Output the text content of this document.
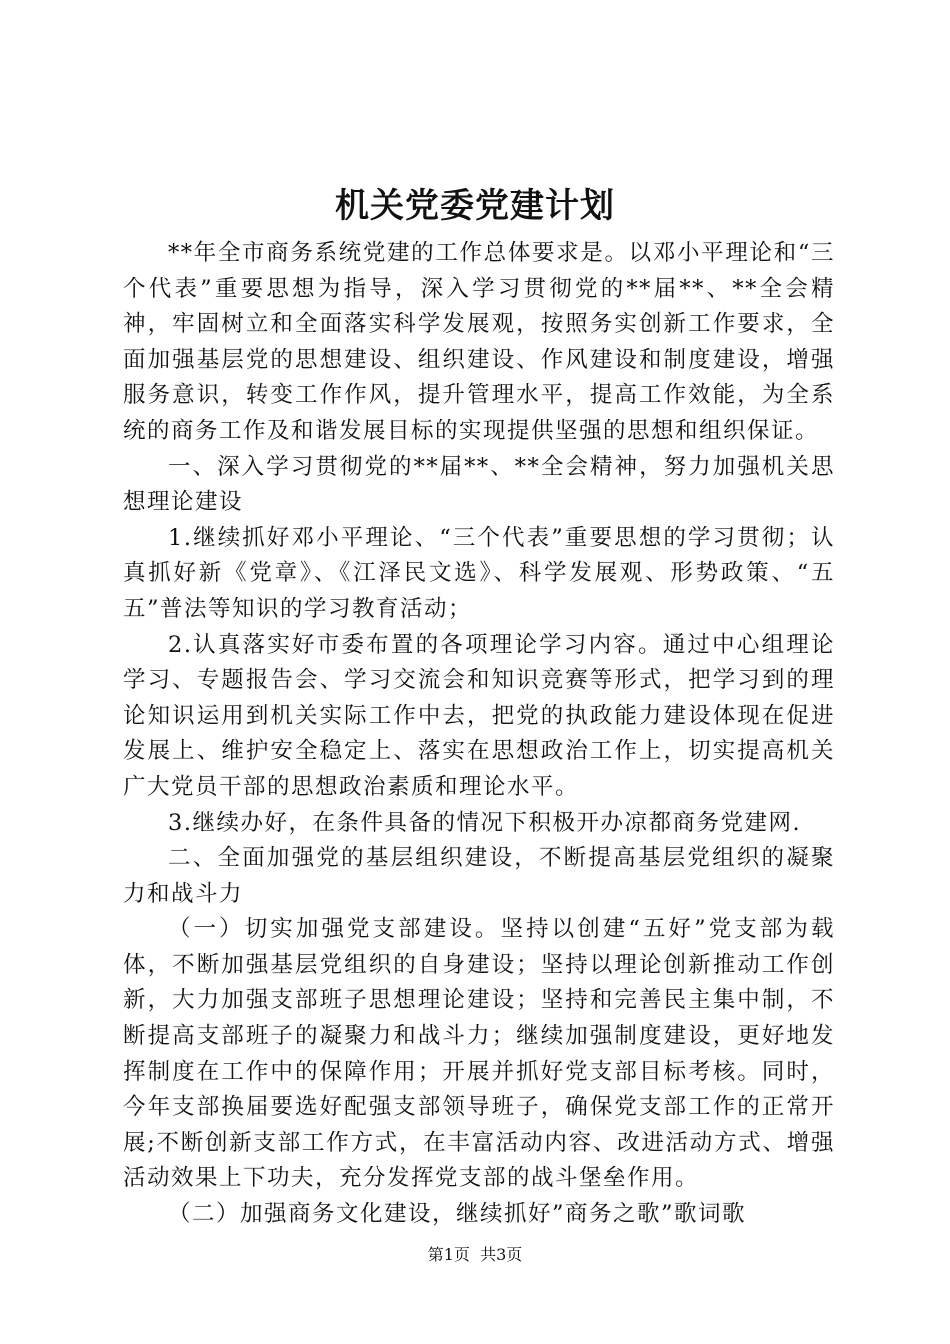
机关党委党建计划

**年全市商务系统党建的工作总体要求是。以邓小平理论和“三个代表”重要思想为指导，深入学习贯彻党的**届**、**全会精神，牢固树立和全面落实科学发展观，按照务实创新工作要求，全面加强基层党的思想建设、组织建设、作风建设和制度建设，增强服务意识，转变工作作风，提升管理水平，提高工作效能，为全系统的商务工作及和谐发展目标的实现提供坚强的思想和组织保证。

一、深入学习贯彻党的**届**、**全会精神，努力加强机关思想理论建设

1.继续抓好邓小平理论、“三个代表”重要思想的学习贯彻；认真抓好新《党章》、《江泽民文选》、科学发展观、形势政策、“五五”普法等知识的学习教育活动；

2.认真落实好市委布置的各项理论学习内容。通过中心组理论学习、专题报告会、学习交流会和知识竞赛等形式，把学习到的理论知识运用到机关实际工作中去，把党的执政能力建设体现在促进发展上、维护安全稳定上、落实在思想政治工作上，切实提高机关广大党员干部的思想政治素质和理论水平。

3.继续办好，在条件具备的情况下积极开办凉都商务党建网.

二、全面加强党的基层组织建设，不断提高基层党组织的凝聚力和战斗力

（一）切实加强党支部建设。坚持以创建“五好”党支部为载体，不断加强基层党组织的自身建设；坚持以理论创新推动工作创新，大力加强支部班子思想理论建设；坚持和完善民主集中制，不断提高支部班子的凝聚力和战斗力；继续加强制度建设，更好地发挥制度在工作中的保障作用；开展并抓好党支部目标考核。同时，今年支部换届要选好配强支部领导班子，确保党支部工作的正常开展;不断创新支部工作方式，在丰富活动内容、改进活动方式、增强活动效果上下功夫，充分发挥党支部的战斗堡垒作用。

（二）加强商务文化建设，继续抓好”商务之歌”歌词歌

第1页 共3页
